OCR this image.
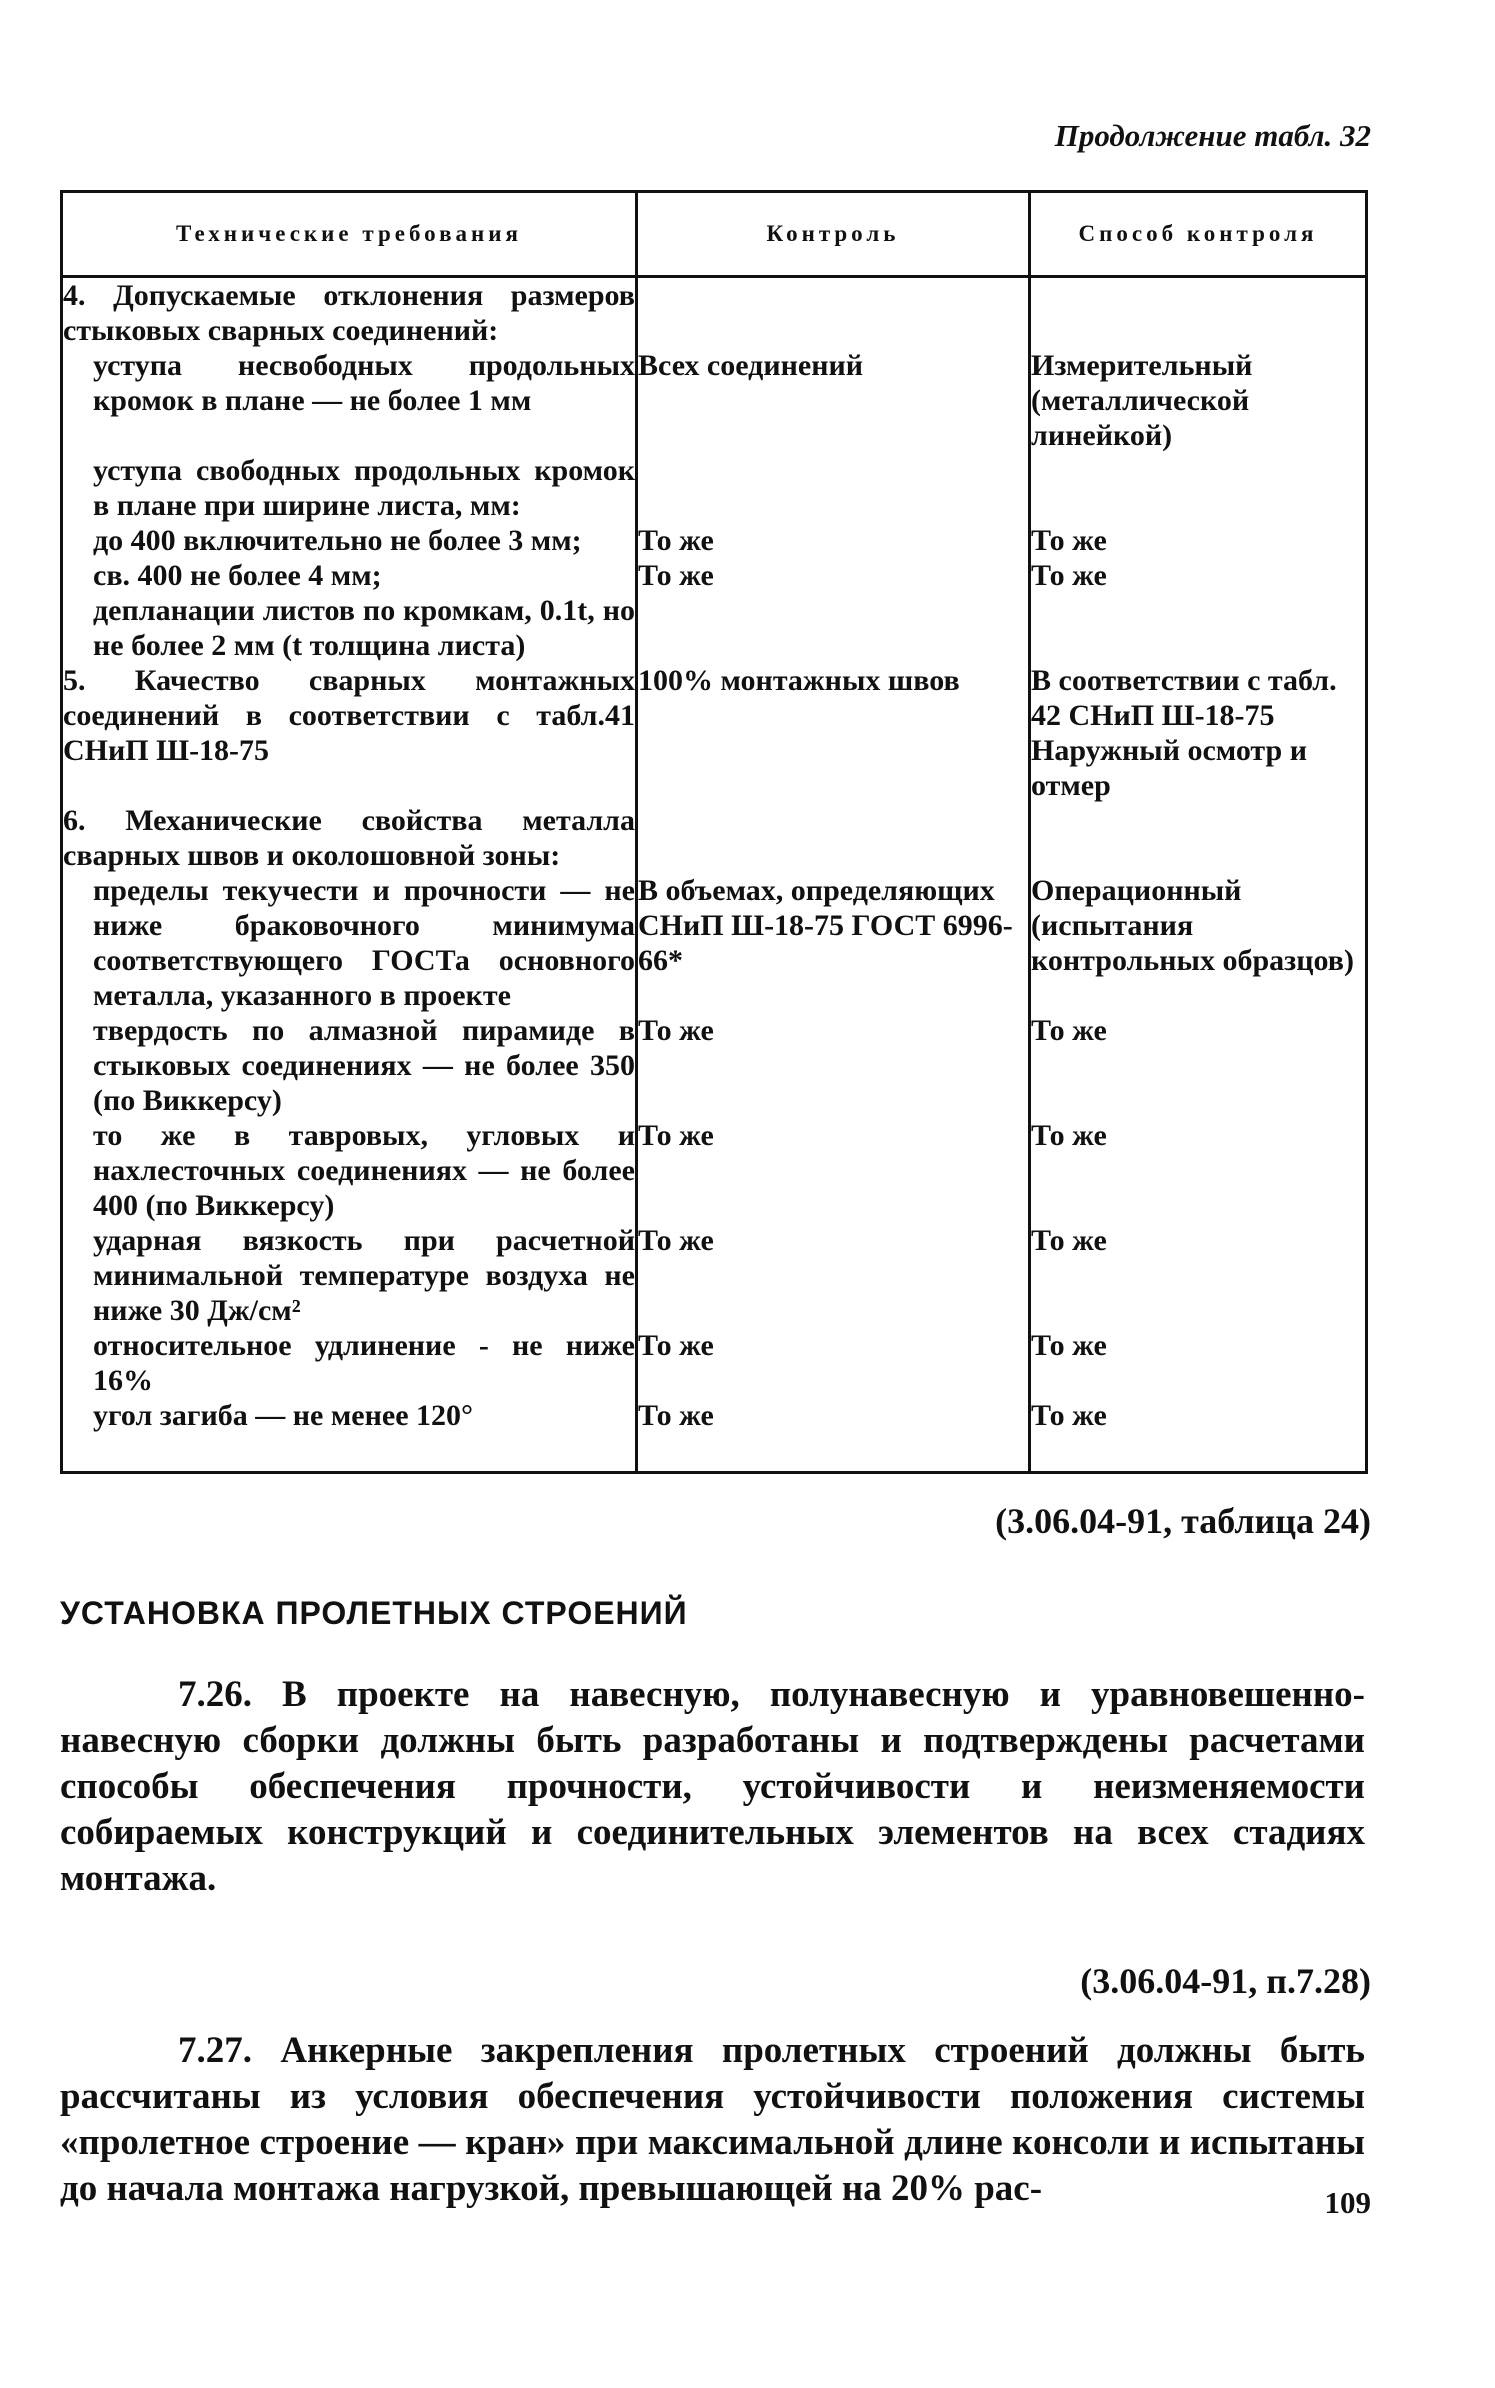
Продолжение табл. 32
Технические требования	Контроль	Способ контроля
4. Допускаемые отклонения размеров стыковых сварных соединений:		
уступа несвободных продольных кромок в плане — не более 1 мм	Всех соединений	Измерительный (металлической линейкой)
уступа свободных продольных кромок в плане при ширине листа, мм:		
до 400 включительно не более 3 мм;	То же	То же
св. 400 не более 4 мм;	То же	То же
депланации листов по кромкам, 0.1t, но не более 2 мм (t толщина листа)		
5. Качество сварных монтажных соединений в соответствии с табл.41 СНиП Ш-18-75	100% монтажных швов	В соответствии с табл. 42 СНиП Ш-18-75 Наружный осмотр и отмер
6. Механические свойства металла сварных швов и околошовной зоны:		
пределы текучести и прочности — не ниже браковочного минимума соответствующего ГОСТа основного металла, указанного в проекте	В объемах, определяющих СНиП Ш-18-75 ГОСТ 6996-66*	Операционный (испытания контрольных образцов)
твердость по алмазной пирамиде в стыковых соединениях — не более 350 (по Виккерсу)	То же	То же
то же в тавровых, угловых и нахлесточных соединениях — не более 400 (по Виккерсу)	То же	То же
ударная вязкость при расчетной минимальной температуре воздуха не ниже 30 Дж/см²	То же	То же
относительное удлинение - не ниже 16%	То же	То же
угол загиба — не менее 120°	То же	То же
(3.06.04-91, таблица 24)
УСТАНОВКА ПРОЛЕТНЫХ СТРОЕНИЙ
7.26. В проекте на навесную, полунавесную и уравновешенно-навесную сборки должны быть разработаны и подтверждены расчетами способы обеспечения прочности, устойчивости и неизменяемости собираемых конструкций и соединительных элементов на всех стадиях монтажа.
(3.06.04-91, п.7.28)
7.27. Анкерные закрепления пролетных строений должны быть рассчитаны из условия обеспечения устойчивости положения системы «пролетное строение — кран» при максимальной длине консоли и испытаны до начала монтажа нагрузкой, превышающей на 20% рас-	109
